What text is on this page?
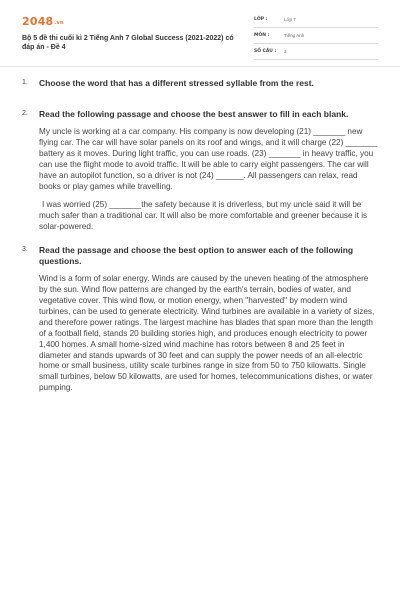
2048.vn
Bộ 5 đề thi cuối kì 2 Tiếng Anh 7 Global Success (2021-2022) có đáp án - Đề 4
LỚP :	Lớp 7
MÔN :	Tiếng Anh
SỐ CÂU : 3
1. Choose the word that has a different stressed syllable from the rest.
2. Read the following passage and choose the best answer to fill in each blank.

My uncle is working at a car company. His company is now developing (21) _______ new flying car. The car will have solar panels on its roof and wings, and it will charge (22) _______ battery as it moves. During light traffic, you can use roads. (23) _______ in heavy traffic, you can use the flight mode to avoid traffic. It will be able to carry eight passengers. The car will have an autopilot function, so a driver is not (24) ______. All passengers can relax, read books or play games while travelling.

I was worried (25) _______the safety because it is driverless, but my uncle said it will be much safer than a traditional car. It will also be more comfortable and greener because it is solar-powered.

3. Read the passage and choose the best option to answer each of the following questions.

Wind is a form of solar energy. Winds are caused by the uneven heating of the atmosphere by the sun. Wind flow patterns are changed by the earth's terrain, bodies of water, and vegetative cover. This wind flow, or motion energy, when "harvested" by modern wind turbines, can be used to generate electricity. Wind turbines are available in a variety of sizes, and therefore power ratings. The largest machine has blades that span more than the length of a football field, stands 20 building stories high, and produces enough electricity to power 1,400 homes. A small home-sized wind machine has rotors between 8 and 25 feet in diameter and stands upwards of 30 feet and can supply the power needs of an all-electric home or small business, utility scale turbines range in size from 50 to 750 kilowatts. Single small turbines, below 50 kilowatts, are used for homes, telecommunications dishes, or water pumping.
